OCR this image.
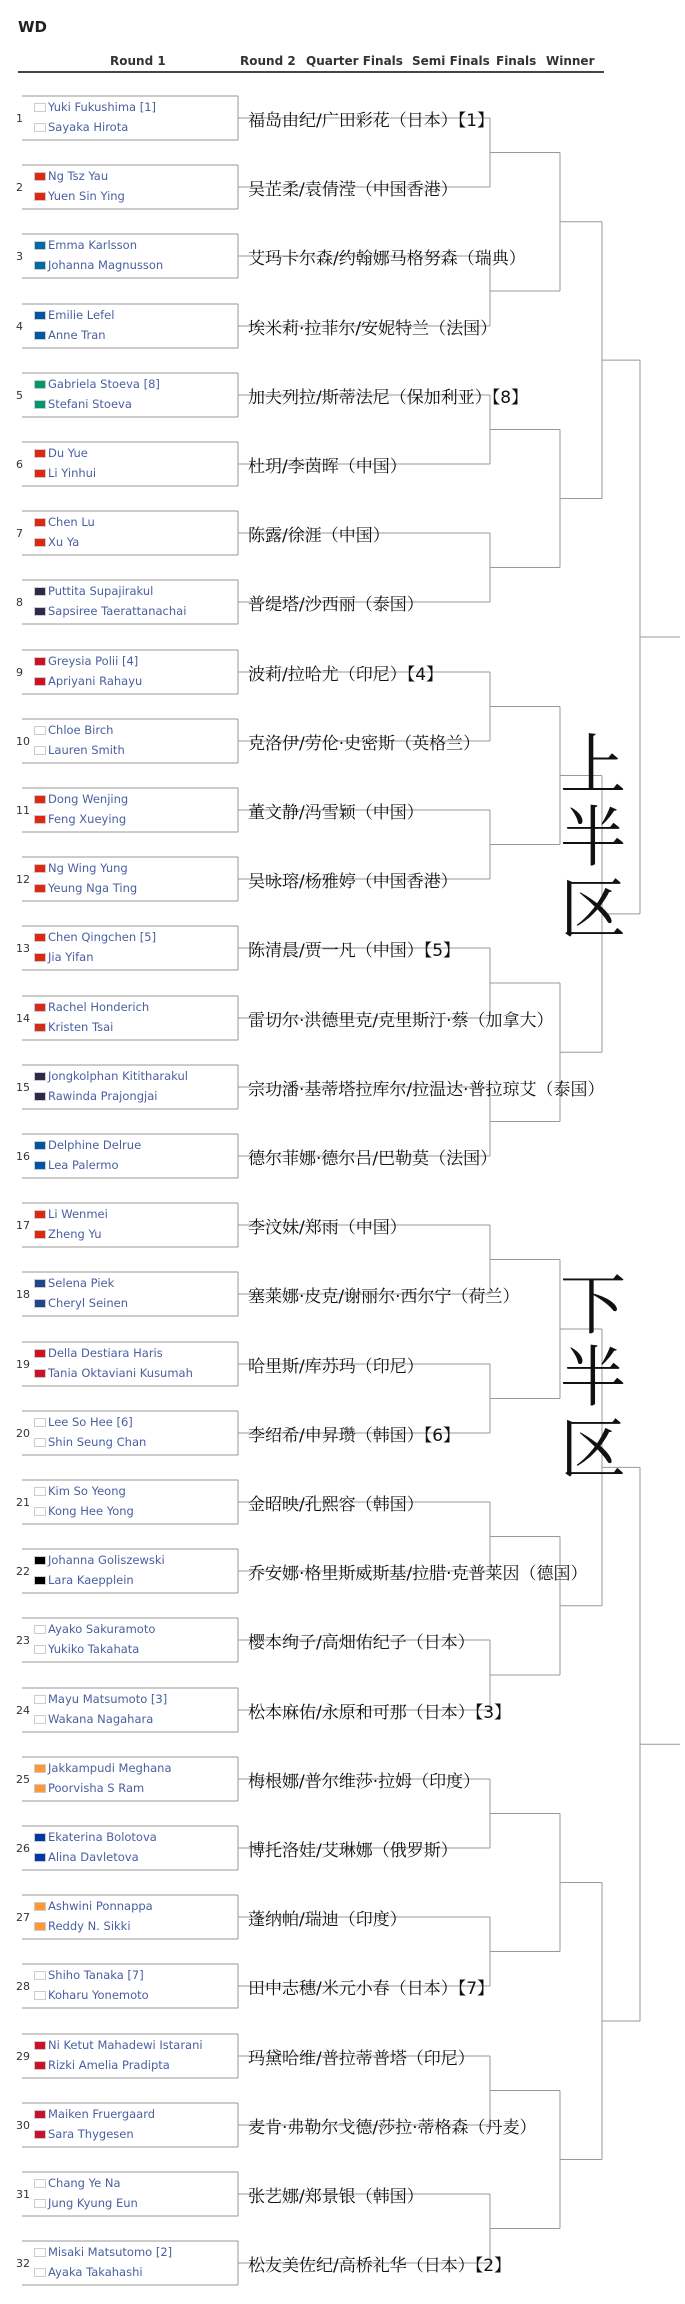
WD
Round 1	Round 2 Quarter Finals Semi Finals Finals Winner
1
Yuki Fukushima [1]
Sayaka Hirota	福岛由纪/广田彩花（日本）【1】
2
Ng Tsz Yau
Yuen Sin Ying	吴芷柔/袁倩滢（中国香港）
3
Emma Karlsson
Johanna Magnusson	艾玛卡尔森/约翰娜马格努森（瑞典）
4
Emilie Lefel
Anne Tran	埃米莉·拉菲尔/安妮特兰（法国）
5
Gabriela Stoeva [8]
Stefani Stoeva	加夫列拉/斯蒂法尼（保加利亚）【8】
6
Du Yue
Li Yinhui	杜玥/李茵晖（中国）
7
Chen Lu
Xu Ya	陈露/徐涯（中国）
8
Puttita Supajirakul
Sapsiree Taerattanachai	普缇塔/沙西丽（泰国）
9
Greysia Polii [4]
Apriyani Rahayu	波莉/拉哈尤（印尼）【4】
10
Chloe Birch
Lauren Smith	克洛伊/劳伦·史密斯（英格兰）
11
Dong Wenjing
Feng Xueying	董文静/冯雪颖（中国）
12
Ng Wing Yung
Yeung Nga Ting	吴咏瑢/杨雅婷（中国香港）
13
Chen Qingchen [5]
Jia Yifan	陈清晨/贾一凡（中国）【5】
14
Rachel Honderich
Kristen Tsai	雷切尔·洪德里克/克里斯汀·蔡（加拿大）
15
Jongkolphan Kititharakul
Rawinda Prajongjai	宗功潘·基蒂塔拉库尔/拉温达·普拉琼艾（泰国）
16
Delphine Delrue
Lea Palermo	德尔菲娜·德尔吕/巴勒莫（法国）
17
Li Wenmei
Zheng Yu	李汶妹/郑雨（中国）
18
Selena Piek
Cheryl Seinen	塞莱娜·皮克/谢丽尔·西尔宁（荷兰）
19
Della Destiara Haris
Tania Oktaviani Kusumah	哈里斯/库苏玛（印尼）
20
Lee So Hee [6]
Shin Seung Chan	李绍希/申昇瓒（韩国）【6】
21
Kim So Yeong
Kong Hee Yong	金昭映/孔熙容（韩国）
22
Johanna Goliszewski
Lara Kaepplein	乔安娜·格里斯威斯基/拉腊·克普莱因（德国）
23
Ayako Sakuramoto
Yukiko Takahata	樱本绚子/高畑佑纪子（日本）
24
Mayu Matsumoto [3]
Wakana Nagahara	松本麻佑/永原和可那（日本）【3】
25
Jakkampudi Meghana
Poorvisha S Ram	梅根娜/普尔维莎·拉姆（印度）
26
Ekaterina Bolotova
Alina Davletova	博托洛娃/艾琳娜（俄罗斯）
27
Ashwini Ponnappa
Reddy N. Sikki	蓬纳帕/瑞迪（印度）
28
Shiho Tanaka [7]
Koharu Yonemoto	田中志穗/米元小春（日本）【7】
29
Ni Ketut Mahadewi Istarani
Rizki Amelia Pradipta	玛黛哈维/普拉蒂普塔（印尼）
30
Maiken Fruergaard
Sara Thygesen	麦肯·弗勒尔戈德/莎拉·蒂格森（丹麦）
31
Chang Ye Na
Jung Kyung Eun	张艺娜/郑景银（韩国）
32
Misaki Matsutomo [2]
Ayaka Takahashi	松友美佐纪/高桥礼华（日本）【2】
上半区
下半区
